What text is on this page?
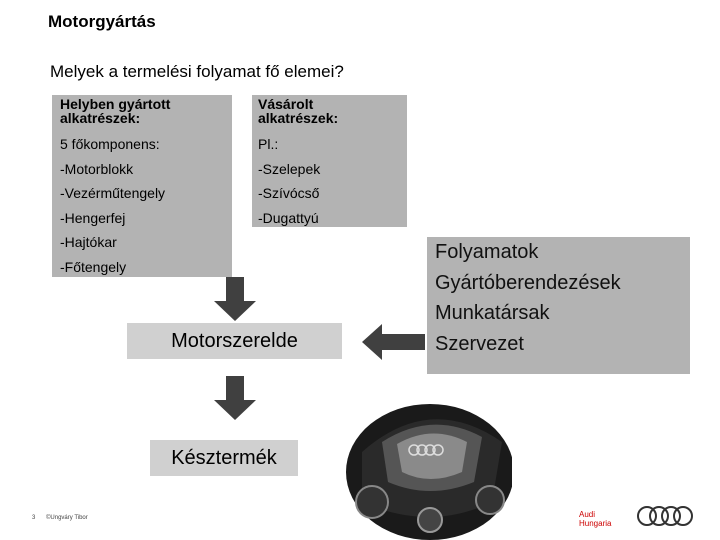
Motorgyártás
Melyek a termelési folyamat fő elemei?
Helyben gyártott alkatrészek:
5 főkomponens:
-Motorblokk
-Vezérműtengely
-Hengerfej
-Hajtókar
-Főtengely
Vásárolt alkatrészek:
Pl.:
-Szelepek
-Szívócső
-Dugattyú
Folyamatok
Gyártóberendezések
Munkatársak
Szervezet
Motorszerelde
Késztermék
3 ©Ungváry Tibor	Audi
Hungaria
